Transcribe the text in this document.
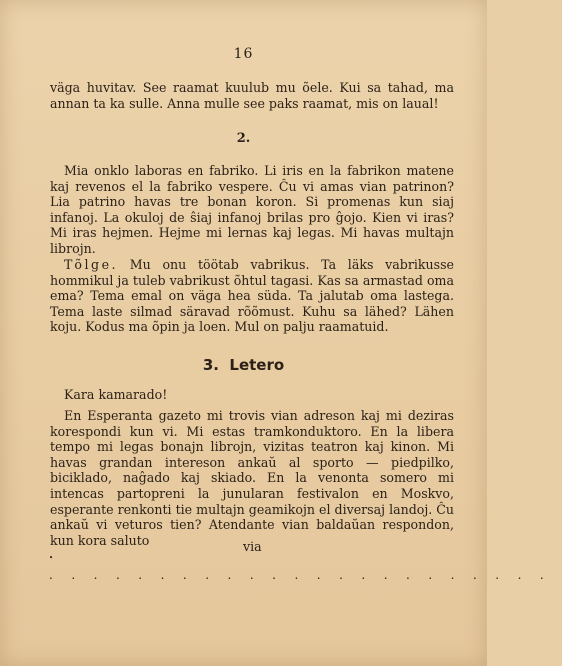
16

väga huvitav. See raamat kuulub mu õele. Kui sa tahad, ma annan ta ka sulle. Anna mulle see paks raamat, mis on laual!

2.

Mia onklo laboras en fabriko. Li iris en la fabrikon matene kaj revenos el la fabriko vespere. Ĉu vi amas vian patrinon? Lia patrino havas tre bonan koron. Si promenas kun siaj infanoj. La okuloj de ŝiaj infanoj brilas pro ĝojo. Kien vi iras? Mi iras hejmen. Hejme mi lernas kaj legas. Mi havas multajn librojn.

Tõlge. Mu onu töötab vabrikus. Ta läks vabrikusse hommikul ja tuleb vabrikust õhtul tagasi. Kas sa armastad oma ema? Tema emal on väga hea süda. Ta jalutab oma lastega. Tema laste silmad säravad rõõmust. Kuhu sa lähed? Lähen koju. Kodus ma õpin ja loen. Mul on palju raamatuid.

3.  Letero

Kara kamarado!

En Esperanta gazeto mi trovis vian adreson kaj mi deziras korespondi kun vi. Mi estas tramkonduktoro. En la libera tempo mi legas bonajn librojn, vizitas teatron kaj kinon. Mi havas grandan intereson ankaŭ al sporto — piedpilko, biciklado, naĝado kaj skiado. En la venonta somero mi intencas partopreni la junularan festivalon en Moskvo, esperante renkonti tie multajn geamikojn el diversaj landoj. Ĉu ankaŭ vi veturos tien? Atendante vian baldaŭan respondon, kun kora saluto	via
•
.......................
